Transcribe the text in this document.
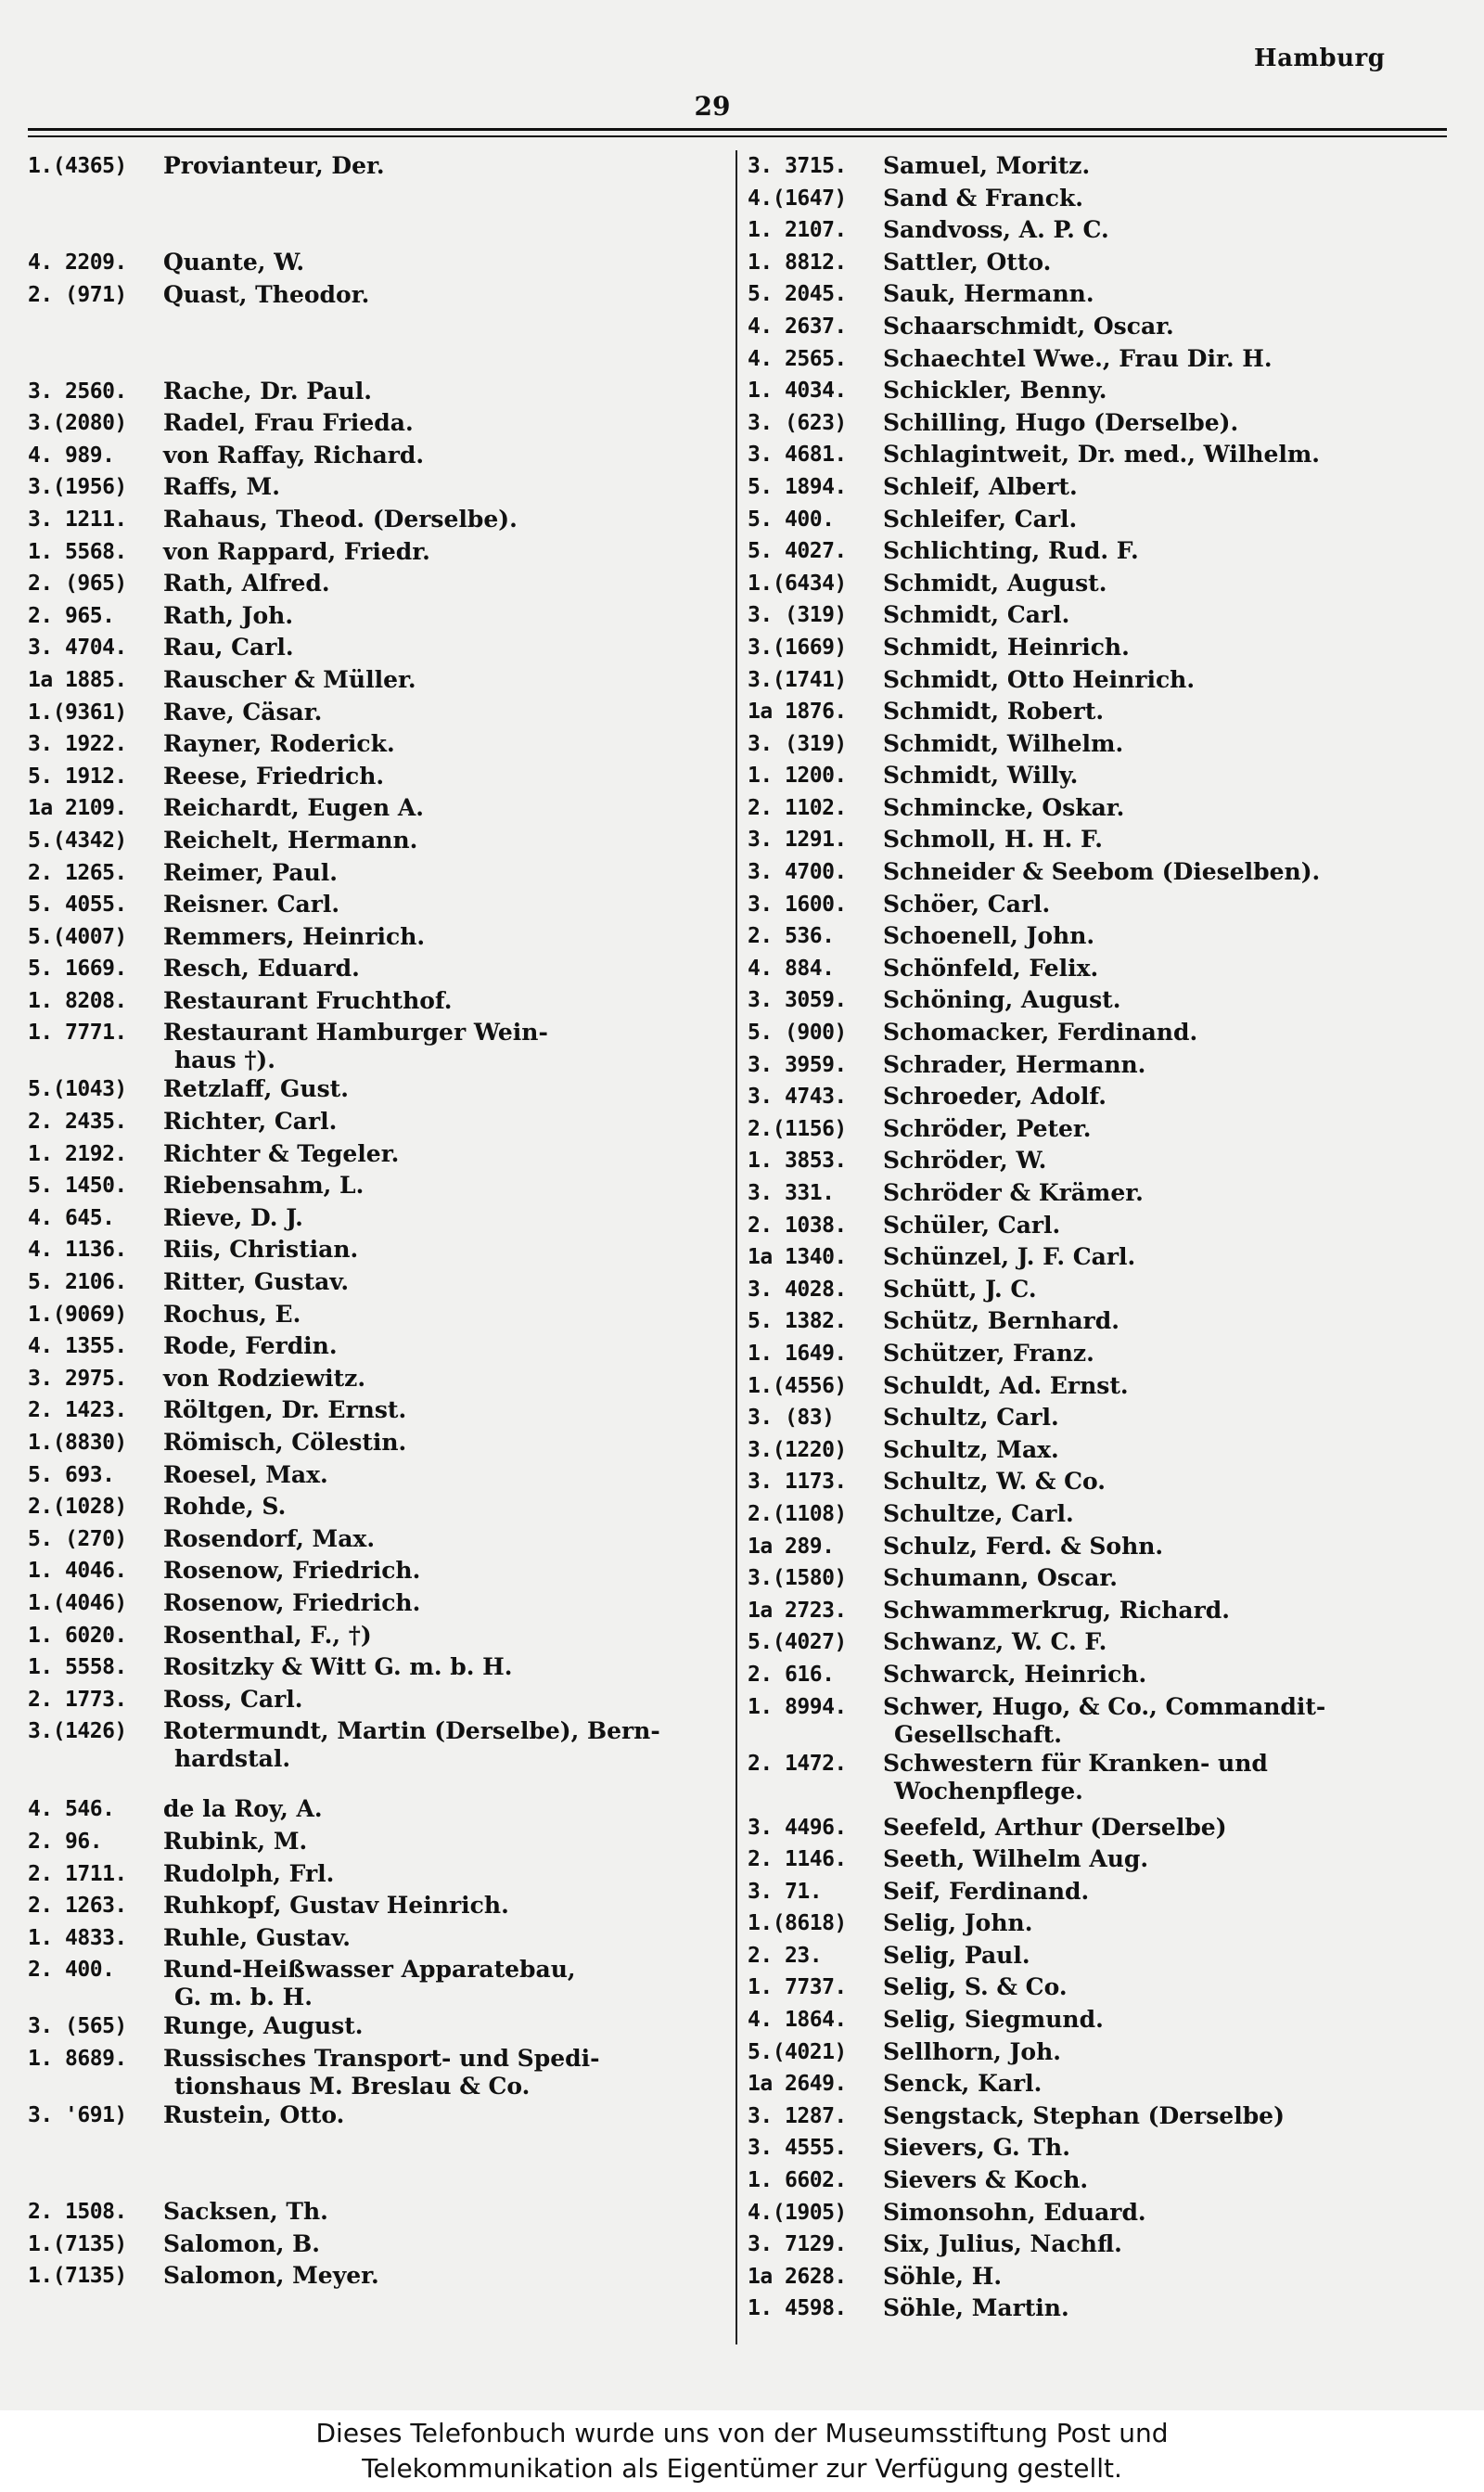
Hamburg
29
1.(4365)	Provianteur, Der.
4. 2209.	Quante, W.
2. (971)	Quast, Theodor.
3. 2560.	Rache, Dr. Paul.
3.(2080)	Radel, Frau Frieda.
4. 989.	von Raffay, Richard.
3.(1956)	Raffs, M.
3. 1211.	Rahaus, Theod. (Derselbe).
1. 5568.	von Rappard, Friedr.
2. (965)	Rath, Alfred.
2. 965.	Rath, Joh.
3. 4704.	Rau, Carl.
1a 1885.	Rauscher & Müller.
1.(9361)	Rave, Cäsar.
3. 1922.	Rayner, Roderick.
5. 1912.	Reese, Friedrich.
1a 2109.	Reichardt, Eugen A.
5.(4342)	Reichelt, Hermann.
2. 1265.	Reimer, Paul.
5. 4055.	Reisner. Carl.
5.(4007)	Remmers, Heinrich.
5. 1669.	Resch, Eduard.
1. 8208.	Restaurant Fruchthof.
1. 7771.	Restaurant Hamburger Wein-
haus †).
5.(1043)	Retzlaff, Gust.
2. 2435.	Richter, Carl.
1. 2192.	Richter & Tegeler.
5. 1450.	Riebensahm, L.
4. 645.	Rieve, D. J.
4. 1136.	Riis, Christian.
5. 2106.	Ritter, Gustav.
1.(9069)	Rochus, E.
4. 1355.	Rode, Ferdin.
3. 2975.	von Rodziewitz.
2. 1423.	Röltgen, Dr. Ernst.
1.(8830)	Römisch, Cölestin.
5. 693.	Roesel, Max.
2.(1028)	Rohde, S.
5. (270)	Rosendorf, Max.
1. 4046.	Rosenow, Friedrich.
1.(4046)	Rosenow, Friedrich.
1. 6020.	Rosenthal, F., †)
1. 5558.	Rositzky & Witt G. m. b. H.
2. 1773.	Ross, Carl.
3.(1426)	Rotermundt, Martin (Derselbe), Bern-
hardstal.
4. 546.	de la Roy, A.
2. 96.	Rubink, M.
2. 1711.	Rudolph, Frl.
2. 1263.	Ruhkopf, Gustav Heinrich.
1. 4833.	Ruhle, Gustav.
2. 400.	Rund-Heißwasser Apparatebau,
G. m. b. H.
3. (565)	Runge, August.
1. 8689.	Russisches Transport- und Spedi-
tionshaus M. Breslau & Co.
3. '691)	Rustein, Otto.
2. 1508.	Sacksen, Th.
1.(7135)	Salomon, B.
1.(7135)	Salomon, Meyer.
3. 3715.	Samuel, Moritz.
4.(1647)	Sand & Franck.
1. 2107.	Sandvoss, A. P. C.
1. 8812.	Sattler, Otto.
5. 2045.	Sauk, Hermann.
4. 2637.	Schaarschmidt, Oscar.
4. 2565.	Schaechtel Wwe., Frau Dir. H.
1. 4034.	Schickler, Benny.
3. (623)	Schilling, Hugo (Derselbe).
3. 4681.	Schlagintweit, Dr. med., Wilhelm.
5. 1894.	Schleif, Albert.
5. 400.	Schleifer, Carl.
5. 4027.	Schlichting, Rud. F.
1.(6434)	Schmidt, August.
3. (319)	Schmidt, Carl.
3.(1669)	Schmidt, Heinrich.
3.(1741)	Schmidt, Otto Heinrich.
1a 1876.	Schmidt, Robert.
3. (319)	Schmidt, Wilhelm.
1. 1200.	Schmidt, Willy.
2. 1102.	Schmincke, Oskar.
3. 1291.	Schmoll, H. H. F.
3. 4700.	Schneider & Seebom (Dieselben).
3. 1600.	Schöer, Carl.
2. 536.	Schoenell, John.
4. 884.	Schönfeld, Felix.
3. 3059.	Schöning, August.
5. (900)	Schomacker, Ferdinand.
3. 3959.	Schrader, Hermann.
3. 4743.	Schroeder, Adolf.
2.(1156)	Schröder, Peter.
1. 3853.	Schröder, W.
3. 331.	Schröder & Krämer.
2. 1038.	Schüler, Carl.
1a 1340.	Schünzel, J. F. Carl.
3. 4028.	Schütt, J. C.
5. 1382.	Schütz, Bernhard.
1. 1649.	Schützer, Franz.
1.(4556)	Schuldt, Ad. Ernst.
3. (83)	Schultz, Carl.
3.(1220)	Schultz, Max.
3. 1173.	Schultz, W. & Co.
2.(1108)	Schultze, Carl.
1a 289.	Schulz, Ferd. & Sohn.
3.(1580)	Schumann, Oscar.
1a 2723.	Schwammerkrug, Richard.
5.(4027)	Schwanz, W. C. F.
2. 616.	Schwarck, Heinrich.
1. 8994.	Schwer, Hugo, & Co., Commandit-
Gesellschaft.
2. 1472.	Schwestern für Kranken- und
Wochenpflege.
3. 4496.	Seefeld, Arthur (Derselbe)
2. 1146.	Seeth, Wilhelm Aug.
3. 71.	Seif, Ferdinand.
1.(8618)	Selig, John.
2. 23.	Selig, Paul.
1. 7737.	Selig, S. & Co.
4. 1864.	Selig, Siegmund.
5.(4021)	Sellhorn, Joh.
1a 2649.	Senck, Karl.
3. 1287.	Sengstack, Stephan (Derselbe)
3. 4555.	Sievers, G. Th.
1. 6602.	Sievers & Koch.
4.(1905)	Simonsohn, Eduard.
3. 7129.	Six, Julius, Nachfl.
1a 2628.	Söhle, H.
1. 4598.	Söhle, Martin.
Dieses Telefonbuch wurde uns von der Museumsstiftung Post und
Telekommunikation als Eigentümer zur Verfügung gestellt.
